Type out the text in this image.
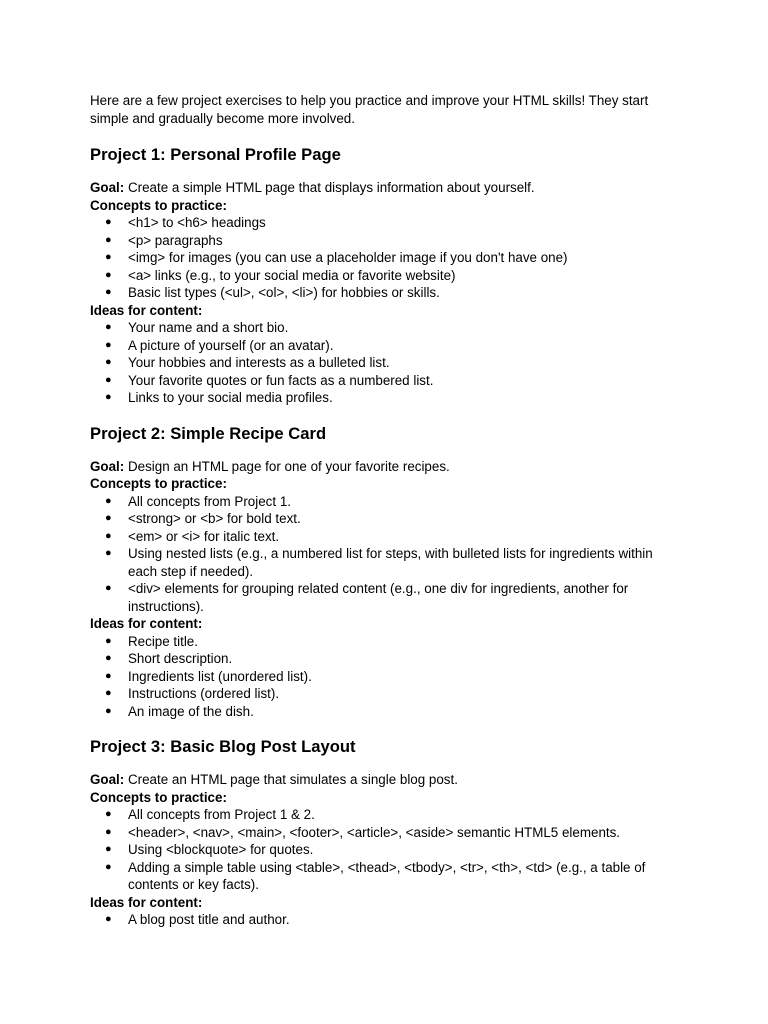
Here are a few project exercises to help you practice and improve your HTML skills! They start simple and gradually become more involved.

Project 1: Personal Profile Page

Goal: Create a simple HTML page that displays information about yourself.

Concepts to practice:

● <h1> to <h6> headings
● <p> paragraphs
● <img> for images (you can use a placeholder image if you don't have one)
● <a> links (e.g., to your social media or favorite website)
● Basic list types (<ul>, <ol>, <li>) for hobbies or skills.

Ideas for content:

● Your name and a short bio.
● A picture of yourself (or an avatar).
● Your hobbies and interests as a bulleted list.
● Your favorite quotes or fun facts as a numbered list.
● Links to your social media profiles.
Project 2: Simple Recipe Card

Goal: Design an HTML page for one of your favorite recipes.

Concepts to practice:

● All concepts from Project 1.
● <strong> or <b> for bold text.
● <em> or <i> for italic text.
● Using nested lists (e.g., a numbered list for steps, with bulleted lists for ingredients within each step if needed).
● <div> elements for grouping related content (e.g., one div for ingredients, another for instructions).

Ideas for content:

● Recipe title.
● Short description.
● Ingredients list (unordered list).
● Instructions (ordered list).
● An image of the dish.
Project 3: Basic Blog Post Layout

Goal: Create an HTML page that simulates a single blog post.

Concepts to practice:

● All concepts from Project 1 & 2.
● <header>, <nav>, <main>, <footer>, <article>, <aside> semantic HTML5 elements.
● Using <blockquote> for quotes.
● Adding a simple table using <table>, <thead>, <tbody>, <tr>, <th>, <td> (e.g., a table of contents or key facts).

Ideas for content:

● A blog post title and author.
